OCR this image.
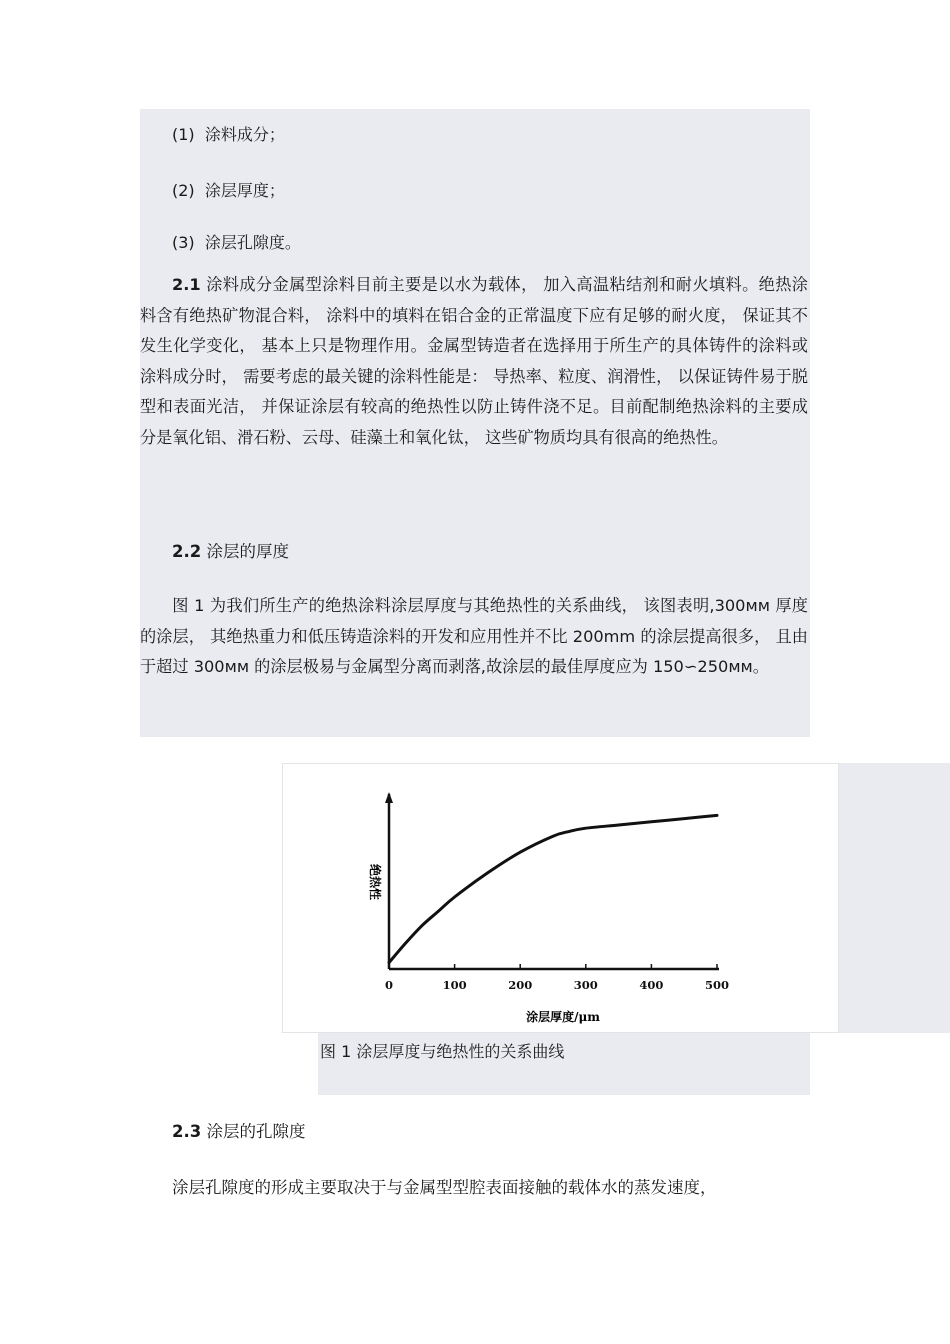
(1) 涂料成分；
(2) 涂层厚度；
(3) 涂层孔隙度。

2.1 涂料成分金属型涂料目前主要是以水为载体， 加入高温粘结剂和耐火填料。绝热涂料含有绝热矿物混合料， 涂料中的填料在铝合金的正常温度下应有足够的耐火度， 保证其不发生化学变化， 基本上只是物理作用。金属型铸造者在选择用于所生产的具体铸件的涂料或涂料成分时， 需要考虑的最关键的涂料性能是： 导热率、粒度、润滑性， 以保证铸件易于脱型和表面光洁， 并保证涂层有较高的绝热性以防止铸件浇不足。目前配制绝热涂料的主要成分是氧化铝、滑石粉、云母、硅藻土和氧化钛， 这些矿物质均具有很高的绝热性。

2.2 涂层的厚度

图 1 为我们所生产的绝热涂料涂层厚度与其绝热性的关系曲线， 该图表明,300ᴍᴍ 厚度的涂层， 其绝热重力和低压铸造涂料的开发和应用性并不比 200mm 的涂层提高很多， 且由于超过 300ᴍᴍ 的涂层极易与金属型分离而剥落,故涂层的最佳厚度应为 150∽250ᴍᴍ。

0	100	200	300	400	500
涂层厚度/μm
绝热性
图 1 涂层厚度与绝热性的关系曲线
2.3 涂层的孔隙度
涂层孔隙度的形成主要取决于与金属型型腔表面接触的载体水的蒸发速度，
